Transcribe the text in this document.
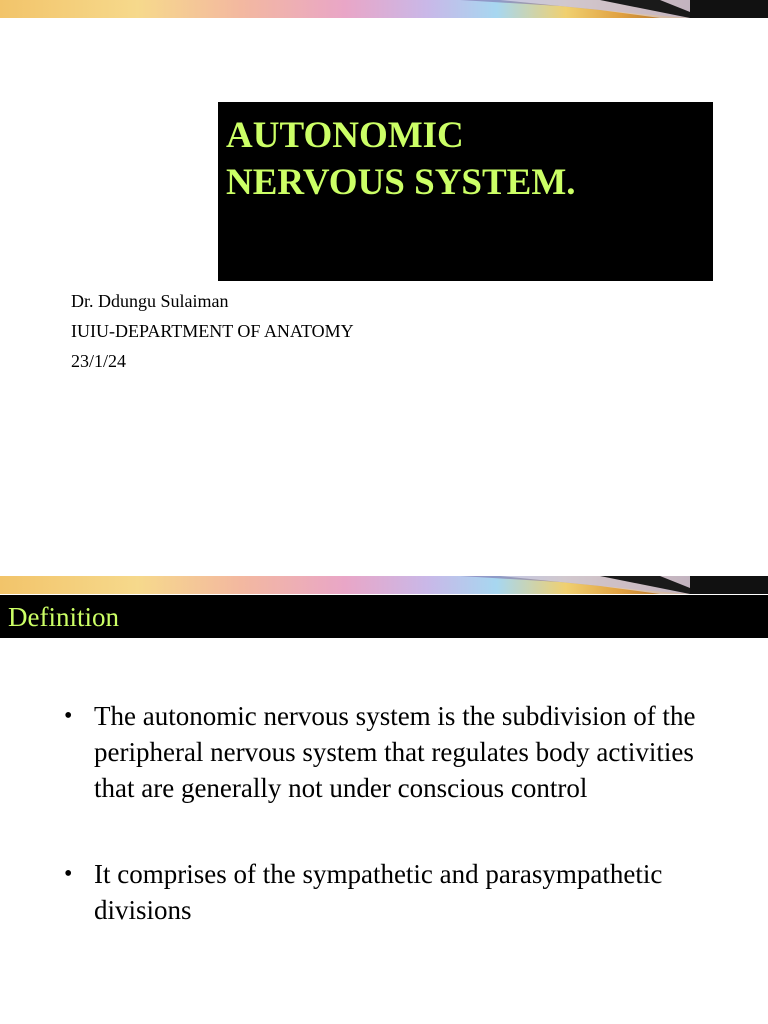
AUTONOMIC
NERVOUS SYSTEM.

Dr. Ddungu Sulaiman
IUIU-DEPARTMENT OF ANATOMY
23/1/24
Definition
• The autonomic nervous system is the subdivision of the peripheral nervous system that regulates body activities that are generally not under conscious control
• It comprises of the sympathetic and parasympathetic divisions
